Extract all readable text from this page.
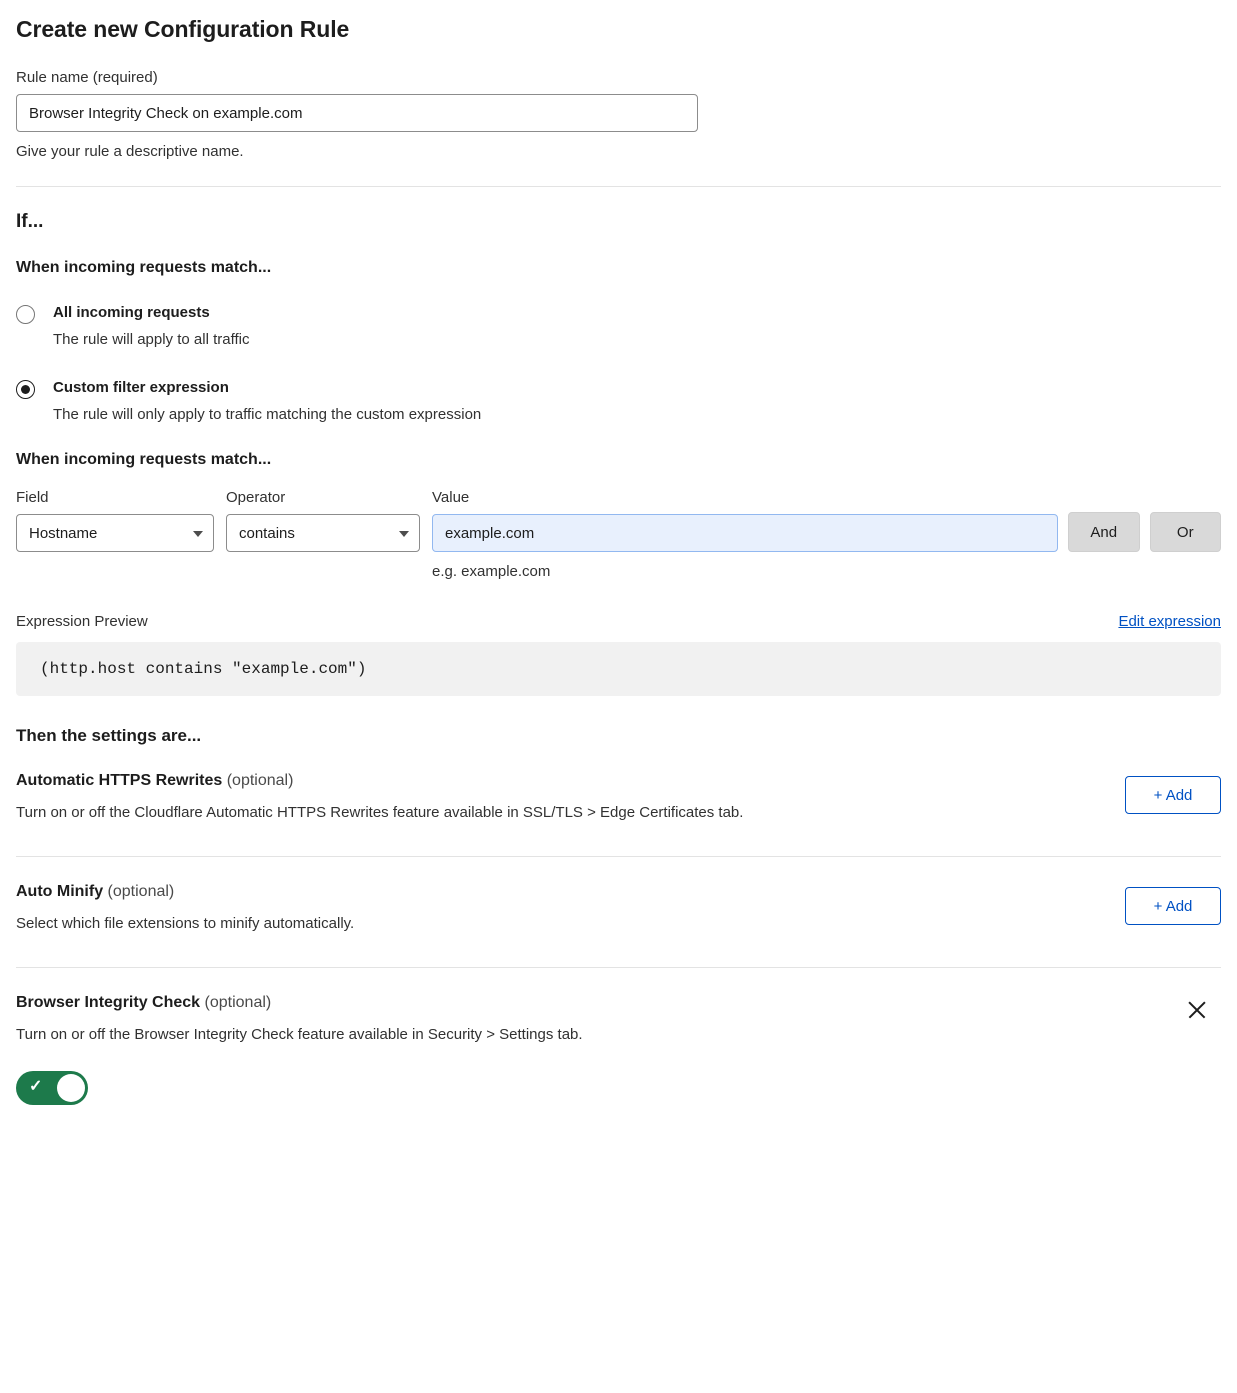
Create new Configuration Rule
Rule name (required)
Browser Integrity Check on example.com
Give your rule a descriptive name.
If...
When incoming requests match...
All incoming requests
The rule will apply to all traffic
Custom filter expression
The rule will only apply to traffic matching the custom expression
When incoming requests match...
Field
Hostname
Operator
contains
Value
example.com
e.g. example.com
And	Or
Expression Preview	Edit expression
(http.host contains "example.com")
Then the settings are...
Automatic HTTPS Rewrites (optional)
Turn on or off the Cloudflare Automatic HTTPS Rewrites feature available in SSL/TLS > Edge Certificates tab.
+ Add
Auto Minify (optional)
Select which file extensions to minify automatically.
+ Add
Browser Integrity Check (optional)
Turn on or off the Browser Integrity Check feature available in Security > Settings tab.
✓
